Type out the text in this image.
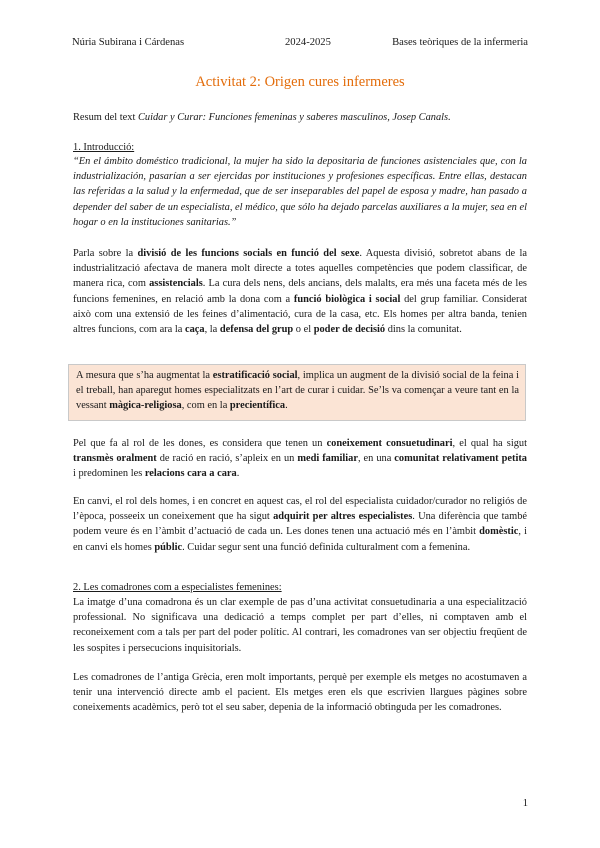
Núria Subirana i Cárdenas	2024-2025	Bases teòriques de la infermeria
Activitat 2: Origen cures infermeres
Resum del text Cuidar y Curar: Funciones femeninas y saberes masculinos, Josep Canals.
1. Introducció:
“En el ámbito doméstico tradicional, la mujer ha sido la depositaria de funciones asistenciales que, con la industrialización, pasarían a ser ejercidas por instituciones y profesiones específicas. Entre ellas, destacan las referidas a la salud y la enfermedad, que de ser inseparables del papel de esposa y madre, han pasado a depender del saber de un especialista, el médico, que sólo ha dejado parcelas auxiliares a la mujer, sea en el hogar o en la instituciones sanitarias.”
Parla sobre la divisió de les funcions socials en funció del sexe. Aquesta divisió, sobretot abans de la industrialització afectava de manera molt directe a totes aquelles competències que podem classificar, de manera rica, com assistencials. La cura dels nens, dels ancians, dels malalts, era més una faceta més de les funcions femenines, en relació amb la dona com a funció biològica i social del grup familiar. Considerat això com una extensió de les feines d’alimentació, cura de la casa, etc. Els homes per altra banda, tenien altres funcions, com ara la caça, la defensa del grup o el poder de decisió dins la comunitat.
A mesura que s’ha augmentat la estratificació social, implica un augment de la divisió social de la feina i el treball, han aparegut homes especialitzats en l’art de curar i cuidar. Se’ls va començar a veure tant en la vessant màgica-religiosa, com en la precientífica.
Pel que fa al rol de les dones, es considera que tenen un coneixement consuetudinari, el qual ha sigut transmès oralment de ració en ració, s’apleix en un medi familiar, en una comunitat relativament petita i predominen les relacions cara a cara.
En canvi, el rol dels homes, i en concret en aquest cas, el rol del especialista cuidador/curador no religiós de l’època, posseeix un coneixement que ha sigut adquirit per altres especialistes. Una diferència que també podem veure és en l’àmbit d’actuació de cada un. Les dones tenen una actuació més en l’àmbit domèstic, i en canvi els homes públic. Cuidar segur sent una funció definida culturalment com a femenina.
2. Les comadrones com a especialistes femenines:
La imatge d’una comadrona és un clar exemple de pas d’una activitat consuetudinaria a una especialització professional. No significava una dedicació a temps complet per part d’elles, ni comptaven amb el reconeixement com a tals per part del poder polític. Al contrari, les comadrones van ser objectiu freqüent de les sospites i persecucions inquisitorials.
Les comadrones de l’antiga Grècia, eren molt importants, perquè per exemple els metges no acostumaven a tenir una intervenció directe amb el pacient. Els metges eren els que escrivien llargues pàgines sobre coneixements acadèmics, però tot el seu saber, depenia de la informació obtinguda per les comadrones.
1
